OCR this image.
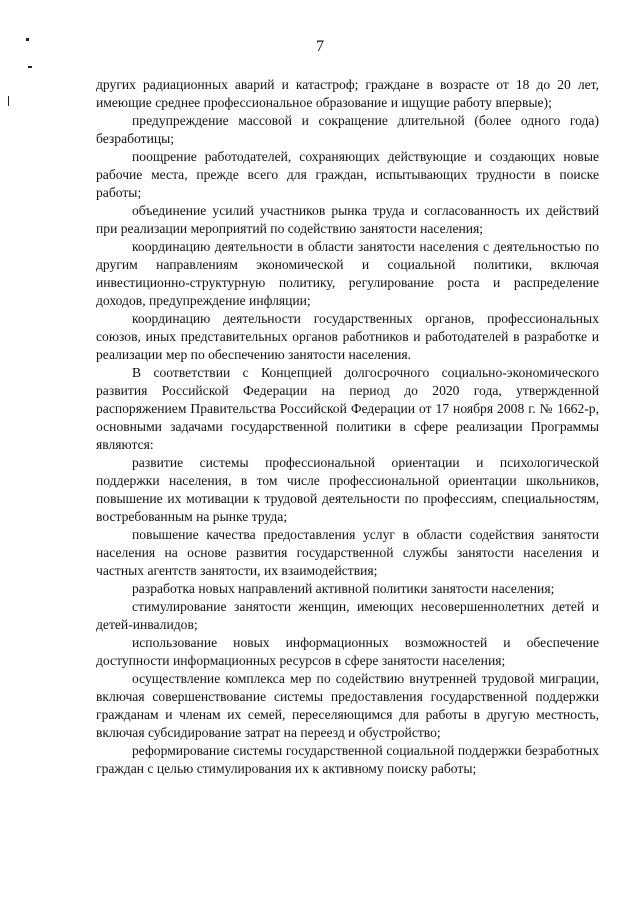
7

других радиационных аварий и катастроф; граждане в возрасте от 18 до 20 лет, имеющие среднее профессиональное образование и ищущие работу впервые);

предупреждение массовой и сокращение длительной (более одного года) безработицы;

поощрение работодателей, сохраняющих действующие и создающих новые рабочие места, прежде всего для граждан, испытывающих трудности в поиске работы;

объединение усилий участников рынка труда и согласованность их действий при реализации мероприятий по содействию занятости населения;

координацию деятельности в области занятости населения с деятельностью по другим направлениям экономической и социальной политики, включая инвестиционно-структурную политику, регулирование роста и распределение доходов, предупреждение инфляции;

координацию деятельности государственных органов, профессиональных союзов, иных представительных органов работников и работодателей в разработке и реализации мер по обеспечению занятости населения.

В соответствии с Концепцией долгосрочного социально-экономического развития Российской Федерации на период до 2020 года, утвержденной распоряжением Правительства Российской Федерации от 17 ноября 2008 г. № 1662-р, основными задачами государственной политики в сфере реализации Программы являются:

развитие системы профессиональной ориентации и психологической поддержки населения, в том числе профессиональной ориентации школьников, повышение их мотивации к трудовой деятельности по профессиям, специальностям, востребованным на рынке труда;

повышение качества предоставления услуг в области содействия занятости населения на основе развития государственной службы занятости населения и частных агентств занятости, их взаимодействия;

разработка новых направлений активной политики занятости населения;

стимулирование занятости женщин, имеющих несовершеннолетних детей и детей-инвалидов;

использование новых информационных возможностей и обеспечение доступности информационных ресурсов в сфере занятости населения;

осуществление комплекса мер по содействию внутренней трудовой миграции, включая совершенствование системы предоставления государственной поддержки гражданам и членам их семей, переселяющимся для работы в другую местность, включая субсидирование затрат на переезд и обустройство;

реформирование системы государственной социальной поддержки безработных граждан с целью стимулирования их к активному поиску работы;
